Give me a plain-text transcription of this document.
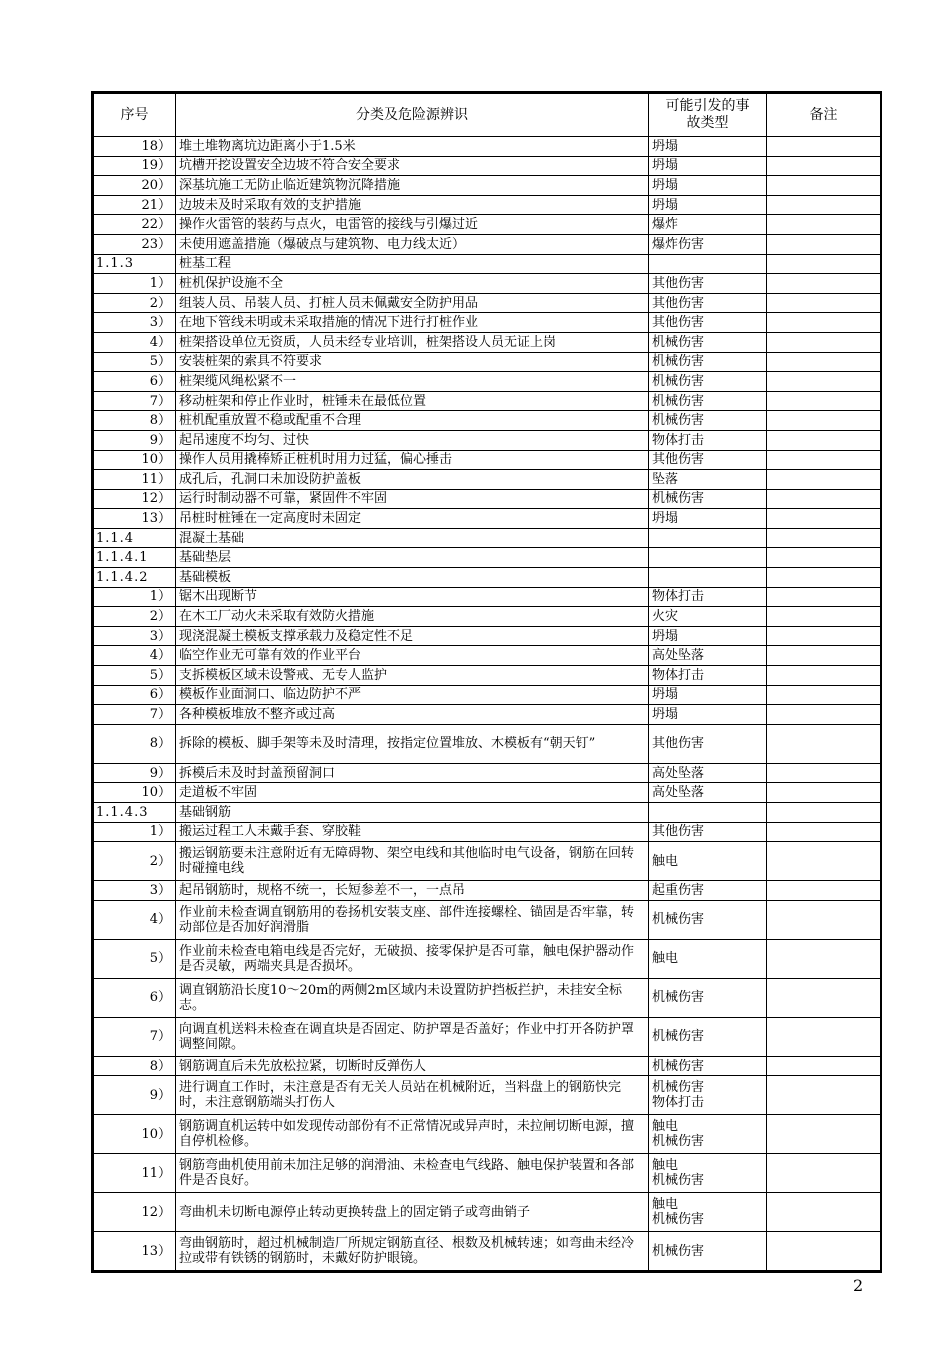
序号	分类及危险源辨识	可能引发的事故类型	备注
18）	堆土堆物离坑边距离小于1.5米	坍塌	
19）	坑槽开挖设置安全边坡不符合安全要求	坍塌	
20）	深基坑施工无防止临近建筑物沉降措施	坍塌	
21）	边坡未及时采取有效的支护措施	坍塌	
22）	操作火雷管的装药与点火，电雷管的接线与引爆过近	爆炸	
23）	未使用遮盖措施（爆破点与建筑物、电力线太近）	爆炸伤害	
1.1.3	桩基工程		
1）	桩机保护设施不全	其他伤害	
2）	组装人员、吊装人员、打桩人员未佩戴安全防护用品	其他伤害	
3）	在地下管线未明或未采取措施的情况下进行打桩作业	其他伤害	
4）	桩架搭设单位无资质，人员未经专业培训，桩架搭设人员无证上岗	机械伤害	
5）	安装桩架的索具不符要求	机械伤害	
6）	桩架缆风绳松紧不一	机械伤害	
7）	移动桩架和停止作业时，桩锤未在最低位置	机械伤害	
8）	桩机配重放置不稳或配重不合理	机械伤害	
9）	起吊速度不均匀、过快	物体打击	
10）	操作人员用撬棒矫正桩机时用力过猛，偏心捶击	其他伤害	
11）	成孔后，孔洞口未加设防护盖板	坠落	
12）	运行时制动器不可靠，紧固件不牢固	机械伤害	
13）	吊桩时桩锤在一定高度时未固定	坍塌	
1.1.4	混凝土基础		
1.1.4.1	基础垫层		
1.1.4.2	基础模板		
1）	锯木出现断节	物体打击	
2）	在木工厂动火未采取有效防火措施	火灾	
3）	现浇混凝土模板支撑承载力及稳定性不足	坍塌	
4）	临空作业无可靠有效的作业平台	高处坠落	
5）	支拆模板区域未设警戒、无专人监护	物体打击	
6）	模板作业面洞口、临边防护不严	坍塌	
7）	各种模板堆放不整齐或过高	坍塌	
8）	拆除的模板、脚手架等未及时清理，按指定位置堆放、木模板有“朝天钉”	其他伤害	
9）	拆模后未及时封盖预留洞口	高处坠落	
10）	走道板不牢固	高处坠落	
1.1.4.3	基础钢筋		
1）	搬运过程工人未戴手套、穿胶鞋	其他伤害	
2）	搬运钢筋要未注意附近有无障碍物、架空电线和其他临时电气设备，钢筋在回转时碰撞电线	触电	
3）	起吊钢筋时，规格不统一，长短参差不一，一点吊	起重伤害	
4）	作业前未检查调直钢筋用的卷扬机安装支座、部件连接螺栓、锚固是否牢靠，转动部位是否加好润滑脂	机械伤害	
5）	作业前未检查电箱电线是否完好，无破损、接零保护是否可靠，触电保护器动作是否灵敏，两端夹具是否损坏。	触电	
6）	调直钢筋沿长度10～20m的两侧2m区域内未设置防护挡板拦护，未挂安全标志。	机械伤害	
7）	向调直机送料未检查在调直块是否固定、防护罩是否盖好；作业中打开各防护罩调整间隙。	机械伤害	
8）	钢筋调直后未先放松拉紧，切断时反弹伤人	机械伤害	
9）	进行调直工作时，未注意是否有无关人员站在机械附近，当料盘上的钢筋快完时，未注意钢筋端头打伤人	机械伤害
物体打击	
10）	钢筋调直机运转中如发现传动部份有不正常情况或异声时，未拉闸切断电源，擅自停机检修。	触电
机械伤害	
11）	钢筋弯曲机使用前未加注足够的润滑油、未检查电气线路、触电保护装置和各部件是否良好。	触电
机械伤害	
12）	弯曲机未切断电源停止转动更换转盘上的固定销子或弯曲销子	触电
机械伤害	
13）	弯曲钢筋时，超过机械制造厂所规定钢筋直径、根数及机械转速；如弯曲未经冷拉或带有铁锈的钢筋时，未戴好防护眼镜。	机械伤害	
2
